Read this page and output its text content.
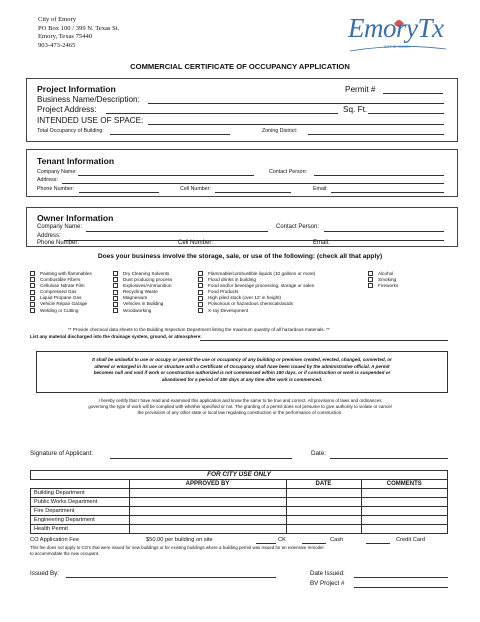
City of Emory
PO Box 100 / 399 N. Texas St.
Emory, Texas 75440
903-473-2465
EmoryTx
CITY OF EMORY
COMMERCIAL CERTIFICATE OF OCCUPANCY APPLICATION
Project Information	Permit #
Business Name/Description:
Project Address:	Sq. Ft.
INTENDED USE OF SPACE:
Total Occupancy of Building:	Zoning District:
Tenant Information
Company Name:	Contact Person:
Address:
Phone Number:	Cell Number:	Email:
Owner Information
Company Name:	Contact Person:
Address:
Phone Number:	Cell Number:	Email:
Does your business involve the storage, sale, or use of the following: (check all that apply)
Painting with flammables
Combustible Fibers
Cellulose Nitrate Film
Compressed Gas
Liquid Propane Gas
Vehicle Repair Garage
Welding or Cutting
Dry Cleaning Solvents
Dust producing process
Explosives/Ammunition
Recycling Waste
Magnesium
Vehicles in Building
Woodworking
Flammable/combustible liquids (10 gallons or more)
Flood drinks in building
Food and/or beverage processing, storage or sales
Food Products
High piled stock (over 12' in height)
Poisonous or hazardous chemicals/acids
X-ray Development
Alcohol
Smoking
Fireworks
** Provide chemical data sheets to the Building Inspection Department listing the maximum quantity of all hazardous materials. **
List any material discharged into the drainage system, ground, or atmosphere:
It shall be unlawful to use or occupy or permit the use or occupancy of any building or premises created, erected, changed, converted, or
altered or enlarged in its use or structure until a Certificate of Occupancy shall have been issued by the administrative official. A permit
becomes null and void if work or construction authorized is not commenced within 180 days, or if construction or work is suspended or
abandoned for a period of 180 days at any time after work is commenced.
I hereby certify that I have read and examined this application and know the same to be true and correct. All provisions of laws and ordinances
governing the type of work will be complied with whether specified or not. The granting of a permit does not presume to give authority to violate or cancel
the provisions of any other state or local law regulating construction or the performance of construction.
Signature of Applicant:	Date:
FOR CITY USE ONLY			
	APPROVED BY	DATE	COMMENTS
Building Department			
Public Works Department			
Fire Department			
Engineering Department			
Health Permit			
CO Application Fee	$50.00 per building on site	CK	Cash	Credit Card
This fee does not apply to CO's that were issued for new buildings or for existing buildings where a building permit was issued for an extensive remodel
to accommodate the new occupant.
Issued By:	Date Issued:
BV Project #
